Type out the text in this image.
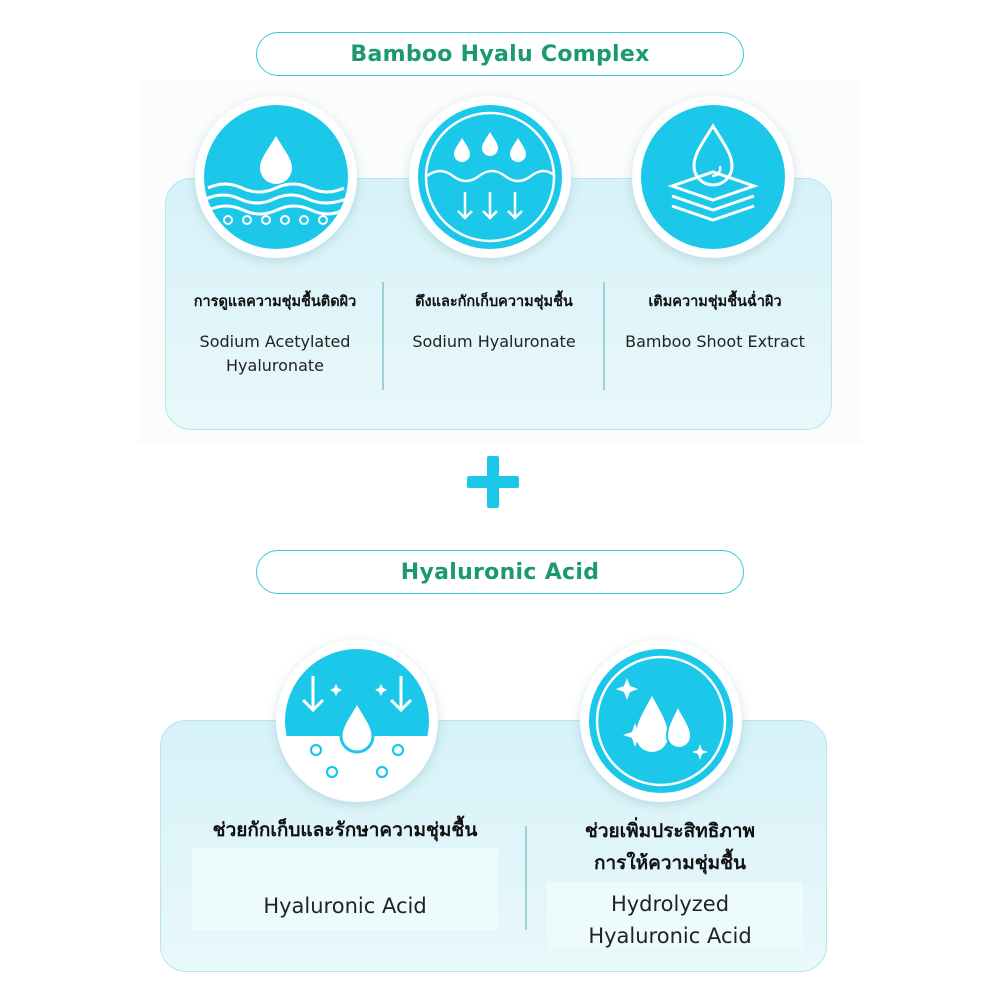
Bamboo Hyalu Complex
การดูแลความชุ่มชื้นติดผิว
Sodium Acetylated
Hyaluronate
ดึงและกักเก็บความชุ่มชื้น
Sodium Hyaluronate
เติมความชุ่มชื้นฉ่ำผิว
Bamboo Shoot Extract
Hyaluronic Acid
ช่วยกักเก็บและรักษาความชุ่มชื้น
Hyaluronic Acid
ช่วยเพิ่มประสิทธิภาพ
การให้ความชุ่มชื้น
Hydrolyzed
Hyaluronic Acid
